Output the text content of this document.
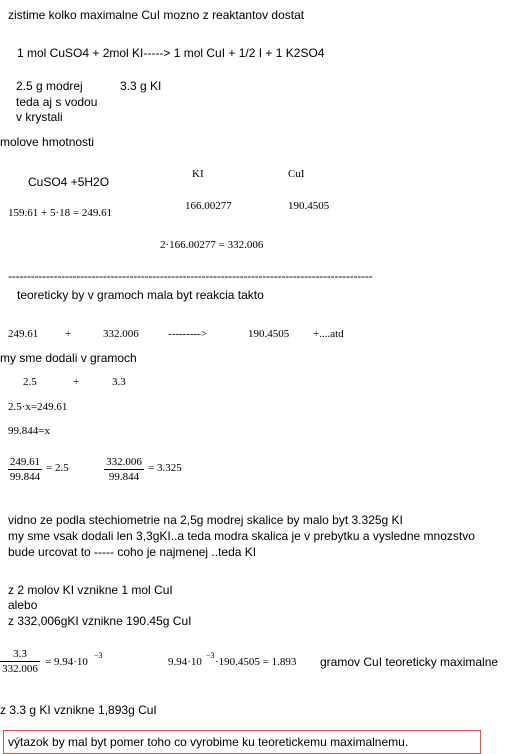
zistime kolko maximalne CuI mozno z reaktantov dostat
1 mol CuSO4 + 2mol KI-----> 1 mol CuI + 1/2 I + 1 K2SO4
2.5 g modrej	3.3 g KI
teda aj s vodou
v krystali
molove hmotnosti
CuSO4 +5H2O
KI	CuI
159.61 + 5·18 = 249.61
166.00277	190.4505
2·166.00277 = 332.006
------------------------------------------------------------------------------------------------
teoreticky by v gramoch mala byt reakcia takto
249.61 +	332.006	--------->	190.4505 +....atd
my sme dodali v gramoch
2.5	+	3.3
2.5·x=249.61
99.844=x
$\frac{249.61}{99.844} = 2.5$	$\frac{332.006}{99.844} = 3.325$
vidno ze podla stechiometrie na 2,5g modrej skalice by malo byt 3.325g KI
my sme vsak dodali len 3,3gKI..a teda modra skalica je v prebytku a vysledne mnozstvo
bude urcovat to ----- coho je najmenej ..teda KI
z 2 molov KI vznikne 1 mol CuI
alebo
z 332,006gKI vznikne 190.45g CuI
$\frac{3.3}{332.006} = 9.94\cdot 10$
−3
9.94·10
−3
·190.4505 = 1.893 gramov CuI teoreticky maximalne
z 3.3 g KI vznikne 1,893g CuI
výtazok by mal byt pomer toho co vyrobime ku teoretickemu maximalnemu.
